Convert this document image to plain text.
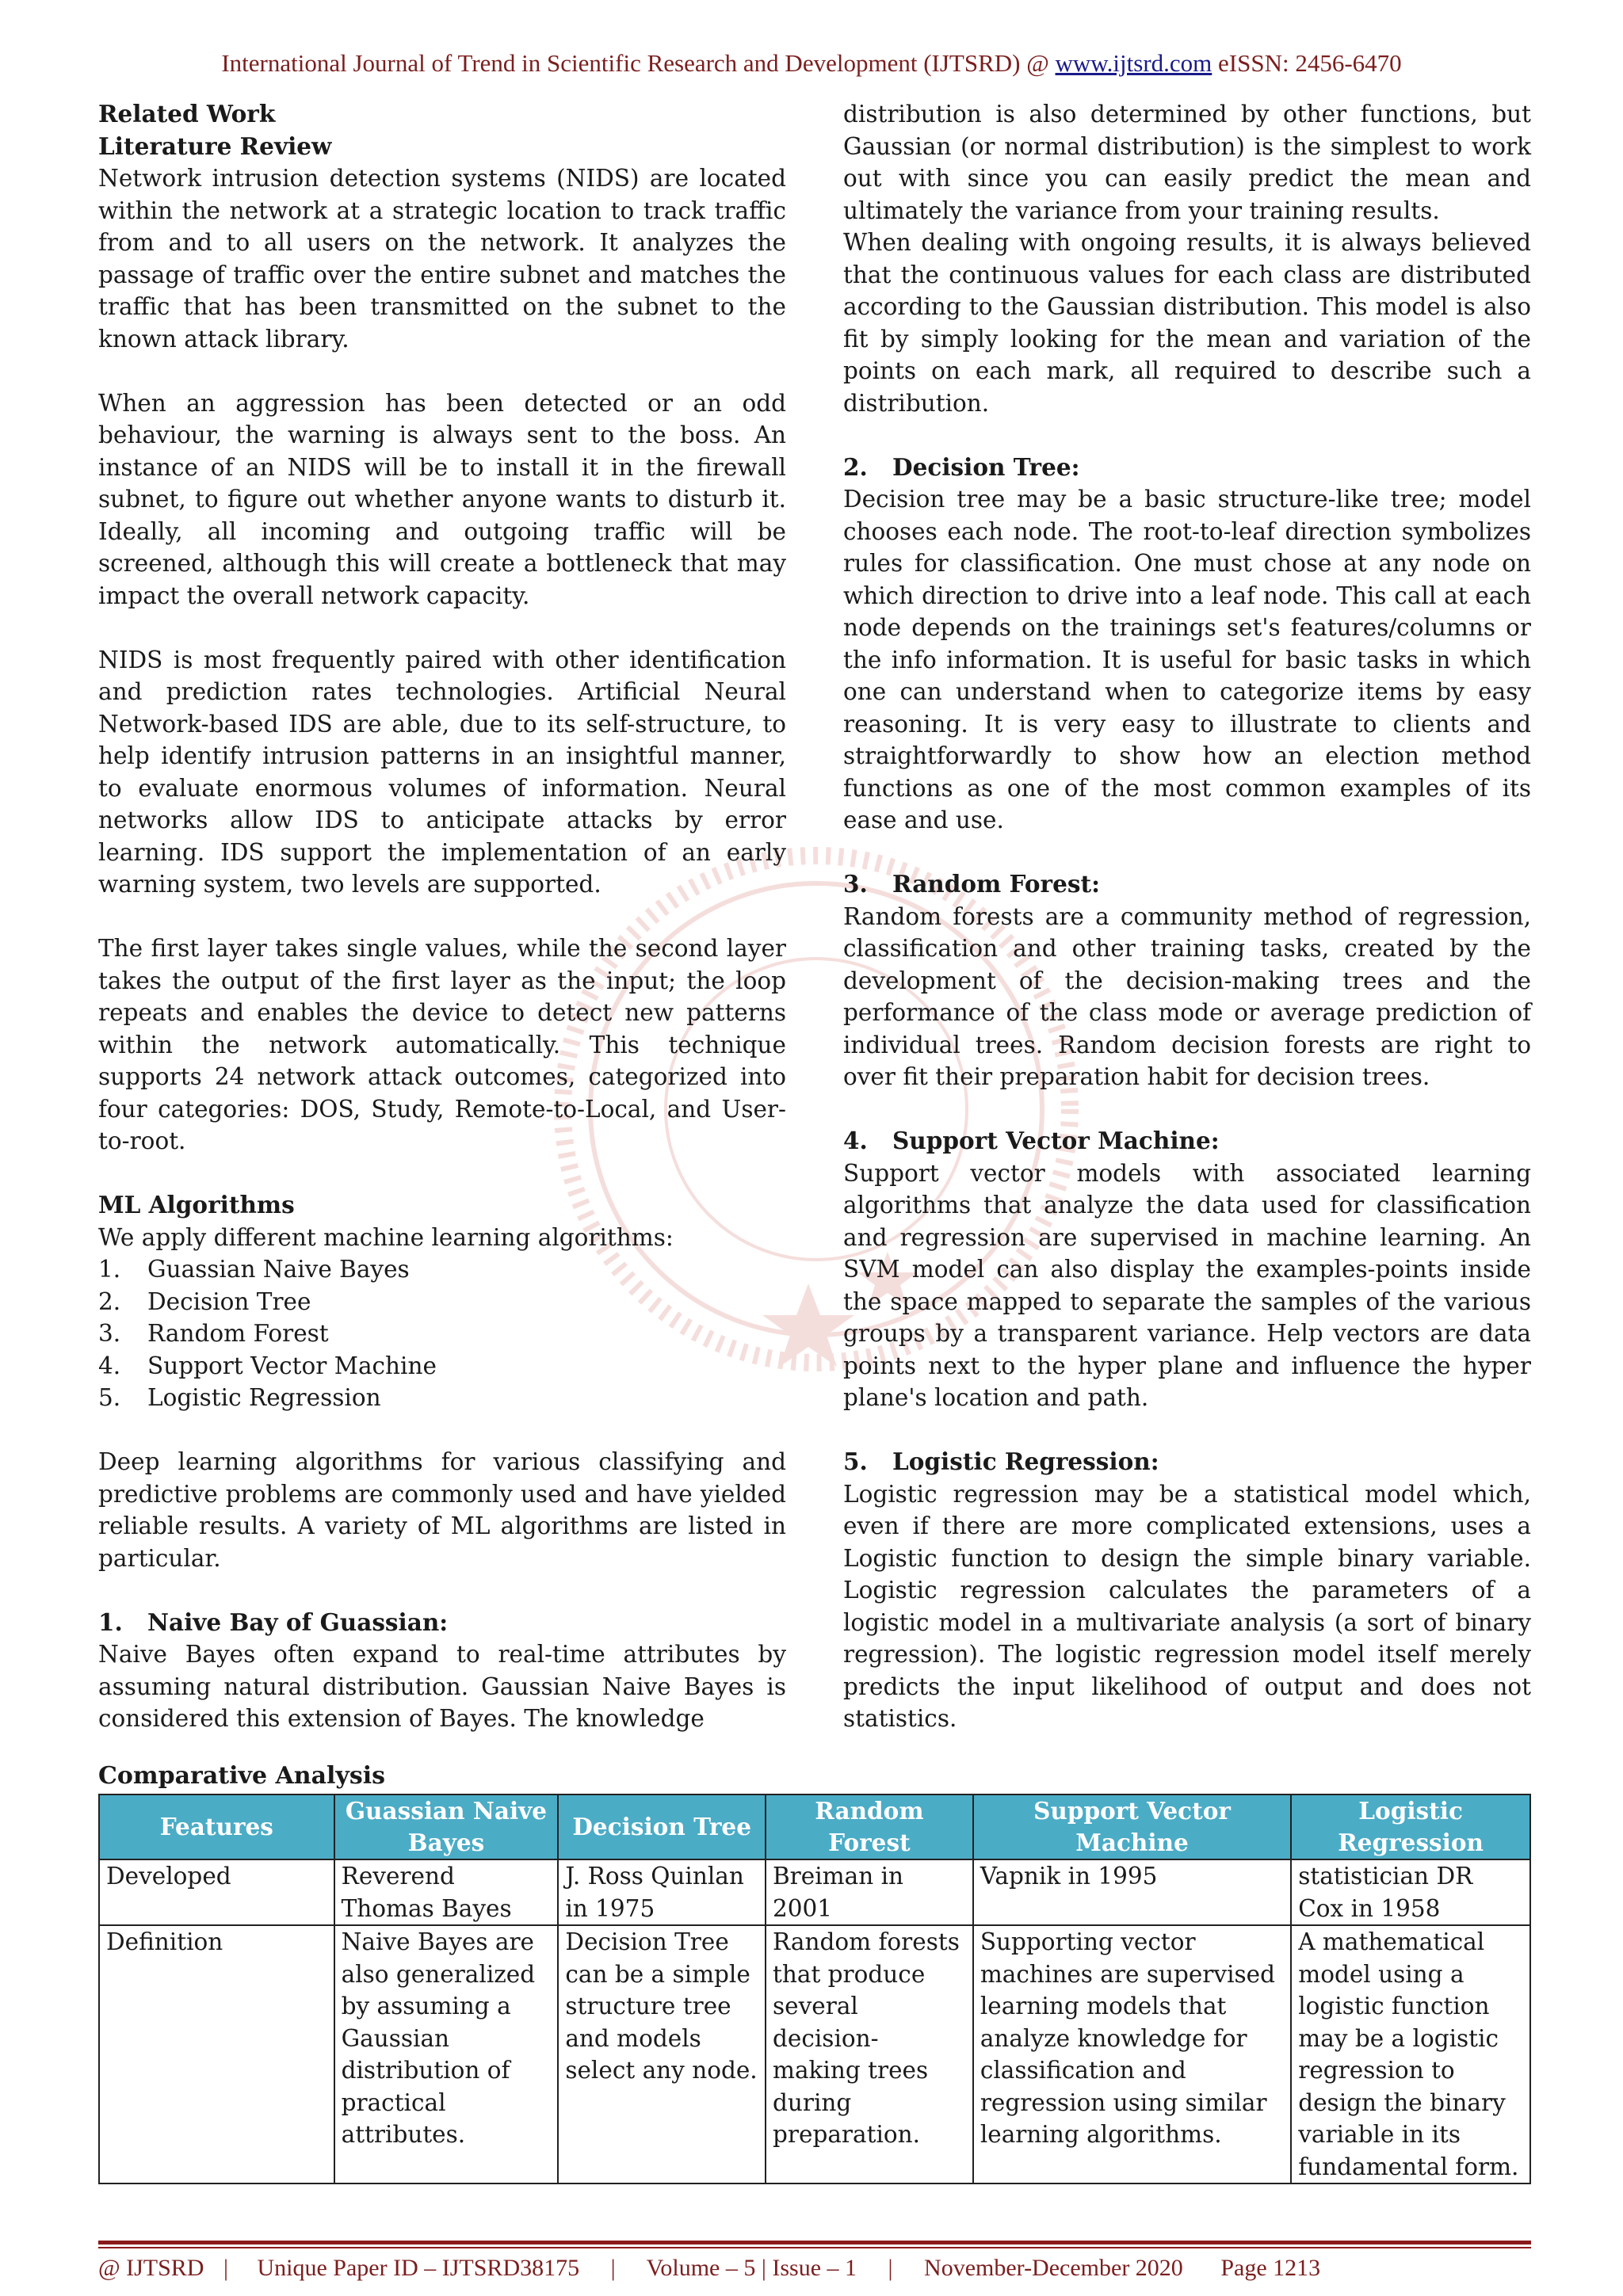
International Journal of Trend in Scientific Research and Development (IJTSRD) @ www.ijtsrd.com eISSN: 2456-6470

Related Work

Literature Review

Network intrusion detection systems (NIDS) are located within the network at a strategic location to track traffic from and to all users on the network. It analyzes the passage of traffic over the entire subnet and matches the traffic that has been transmitted on the subnet to the known attack library.

When an aggression has been detected or an odd behaviour, the warning is always sent to the boss. An instance of an NIDS will be to install it in the firewall subnet, to figure out whether anyone wants to disturb it. Ideally, all incoming and outgoing traffic will be screened, although this will create a bottleneck that may impact the overall network capacity.

NIDS is most frequently paired with other identification and prediction rates technologies. Artificial Neural Network-based IDS are able, due to its self-structure, to help identify intrusion patterns in an insightful manner, to evaluate enormous volumes of information. Neural networks allow IDS to anticipate attacks by error learning. IDS support the implementation of an early warning system, two levels are supported.

The first layer takes single values, while the second layer takes the output of the first layer as the input; the loop repeats and enables the device to detect new patterns within the network automatically. This technique supports 24 network attack outcomes, categorized into four categories: DOS, Study, Remote-to-Local, and User-to-root.

ML Algorithms

We apply different machine learning algorithms:

1. Guassian Naive Bayes
2. Decision Tree
3. Random Forest
4. Support Vector Machine
5. Logistic Regression

Deep learning algorithms for various classifying and predictive problems are commonly used and have yielded reliable results. A variety of ML algorithms are listed in particular.

1. Naive Bay of Guassian:

Naive Bayes often expand to real-time attributes by assuming natural distribution. Gaussian Naive Bayes is considered this extension of Bayes. The knowledge

distribution is also determined by other functions, but Gaussian (or normal distribution) is the simplest to work out with since you can easily predict the mean and ultimately the variance from your training results.

When dealing with ongoing results, it is always believed that the continuous values for each class are distributed according to the Gaussian distribution. This model is also fit by simply looking for the mean and variation of the points on each mark, all required to describe such a distribution.

2. Decision Tree:

Decision tree may be a basic structure-like tree; model chooses each node. The root-to-leaf direction symbolizes rules for classification. One must chose at any node on which direction to drive into a leaf node. This call at each node depends on the trainings set's features/columns or the info information. It is useful for basic tasks in which one can understand when to categorize items by easy reasoning. It is very easy to illustrate to clients and straightforwardly to show how an election method functions as one of the most common examples of its ease and use.

3. Random Forest:

Random forests are a community method of regression, classification and other training tasks, created by the development of the decision-making trees and the performance of the class mode or average prediction of individual trees. Random decision forests are right to over fit their preparation habit for decision trees.

4. Support Vector Machine:

Support vector models with associated learning algorithms that analyze the data used for classification and regression are supervised in machine learning. An SVM model can also display the examples-points inside the space mapped to separate the samples of the various groups by a transparent variance. Help vectors are data points next to the hyper plane and influence the hyper plane's location and path.

5. Logistic Regression:

Logistic regression may be a statistical model which, even if there are more complicated extensions, uses a Logistic function to design the simple binary variable. Logistic regression calculates the parameters of a logistic model in a multivariate analysis (a sort of binary regression). The logistic regression model itself merely predicts the input likelihood of output and does not statistics.

Comparative Analysis
Features	Guassian Naive Bayes	Decision Tree	Random Forest	Support Vector Machine	Logistic Regression
Developed	Reverend Thomas Bayes	J. Ross Quinlan in 1975	Breiman in 2001	Vapnik in 1995	statistician DR Cox in 1958
Definition	Naive Bayes are also generalized by assuming a Gaussian distribution of practical attributes.	Decision Tree can be a simple structure tree and models select any node.	Random forests that produce several decision-making trees during preparation.	Supporting vector machines are supervised learning models that analyze knowledge for classification and regression using similar learning algorithms.	A mathematical model using a logistic function may be a logistic regression to design the binary variable in its fundamental form.
@ IJTSRD | Unique Paper ID – IJTSRD38175 | Volume – 5 | Issue – 1 | November-December 2020 Page 1213
